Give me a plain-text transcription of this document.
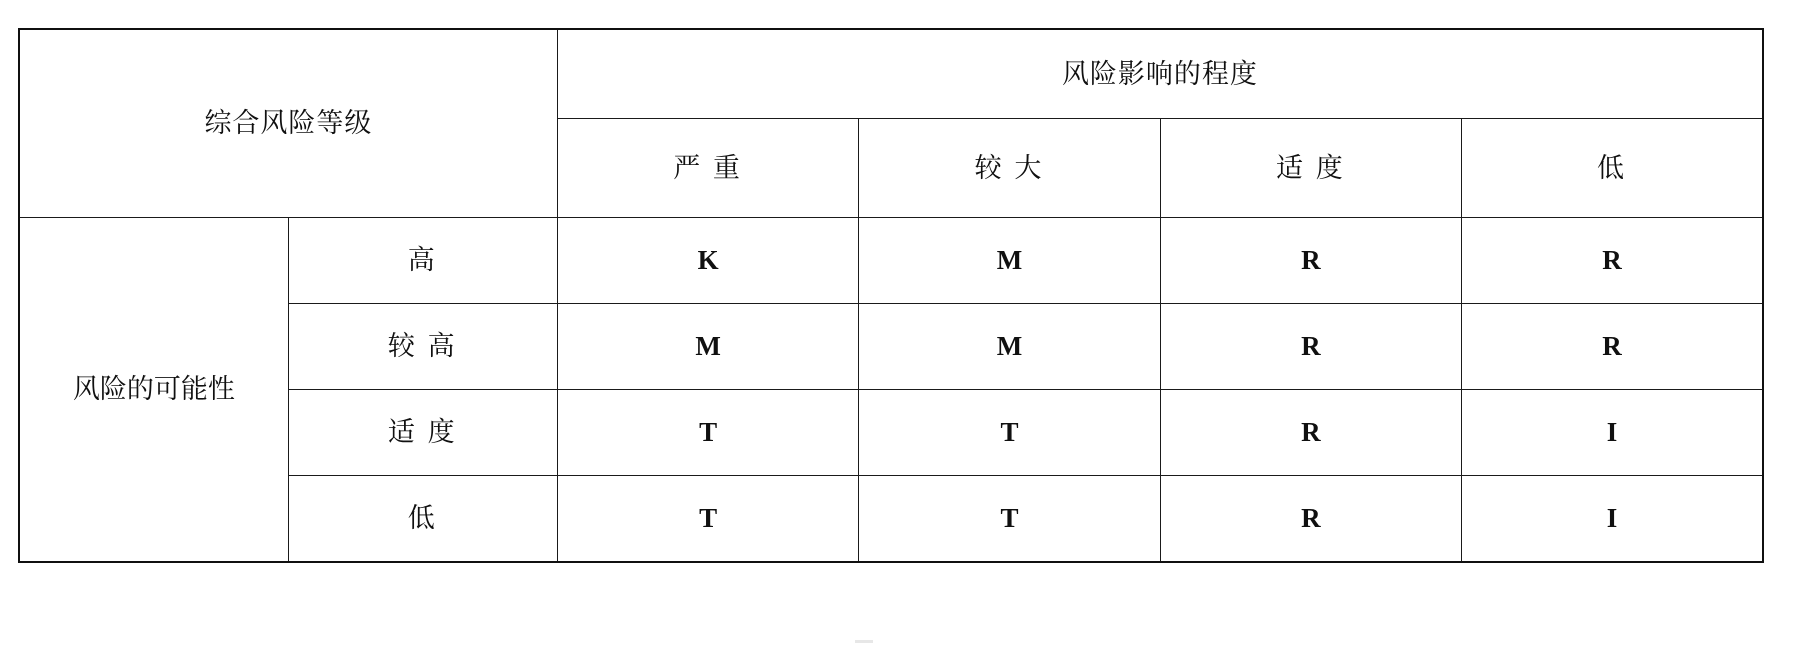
综合风险等级		风险影响的程度			
		严 重	较 大	适 度	低
风险的可能性	高	K	M	R	R
	较 高	M	M	R	R
	适 度	T	T	R	I
	低	T	T	R	I
